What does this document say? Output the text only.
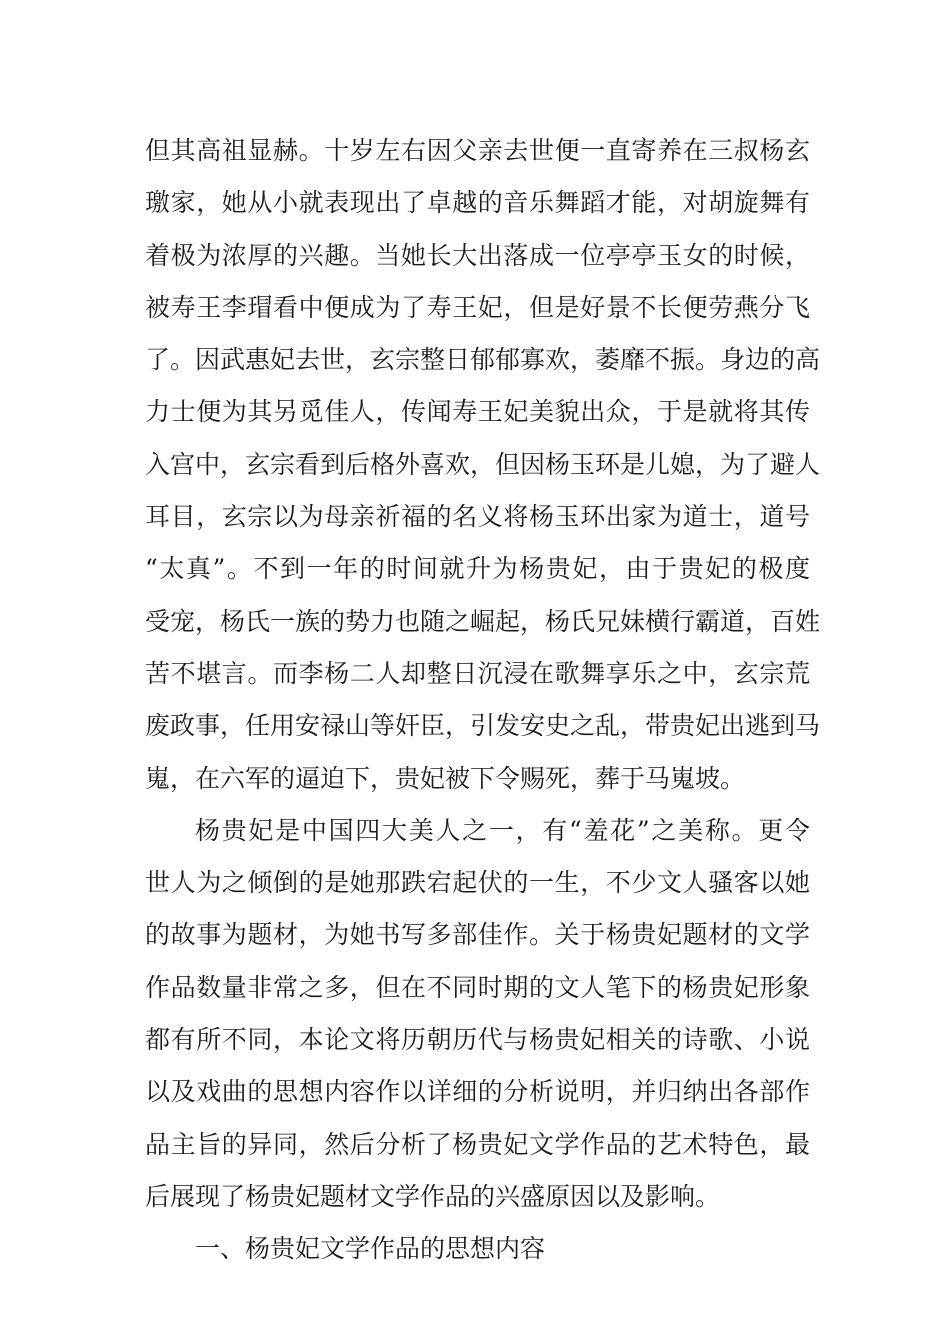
但其高祖显赫。十岁左右因父亲去世便一直寄养在三叔杨玄
璬家，她从小就表现出了卓越的音乐舞蹈才能，对胡旋舞有
着极为浓厚的兴趣。当她长大出落成一位亭亭玉女的时候，
被寿王李瑁看中便成为了寿王妃，但是好景不长便劳燕分飞
了。因武惠妃去世，玄宗整日郁郁寡欢，萎靡不振。身边的高
力士便为其另觅佳人，传闻寿王妃美貌出众，于是就将其传
入宫中，玄宗看到后格外喜欢，但因杨玉环是儿媳，为了避人
耳目，玄宗以为母亲祈福的名义将杨玉环出家为道士，道号
“太真”。不到一年的时间就升为杨贵妃，由于贵妃的极度
受宠，杨氏一族的势力也随之崛起，杨氏兄妹横行霸道，百姓
苦不堪言。而李杨二人却整日沉浸在歌舞享乐之中，玄宗荒
废政事，任用安禄山等奸臣，引发安史之乱，带贵妃出逃到马
嵬，在六军的逼迫下，贵妃被下令赐死，葬于马嵬坡。
杨贵妃是中国四大美人之一，有“羞花”之美称。更令
世人为之倾倒的是她那跌宕起伏的一生，不少文人骚客以她
的故事为题材，为她书写多部佳作。关于杨贵妃题材的文学
作品数量非常之多，但在不同时期的文人笔下的杨贵妃形象
都有所不同，本论文将历朝历代与杨贵妃相关的诗歌、小说
以及戏曲的思想内容作以详细的分析说明，并归纳出各部作
品主旨的异同，然后分析了杨贵妃文学作品的艺术特色，最
后展现了杨贵妃题材文学作品的兴盛原因以及影响。
一、杨贵妃文学作品的思想内容
